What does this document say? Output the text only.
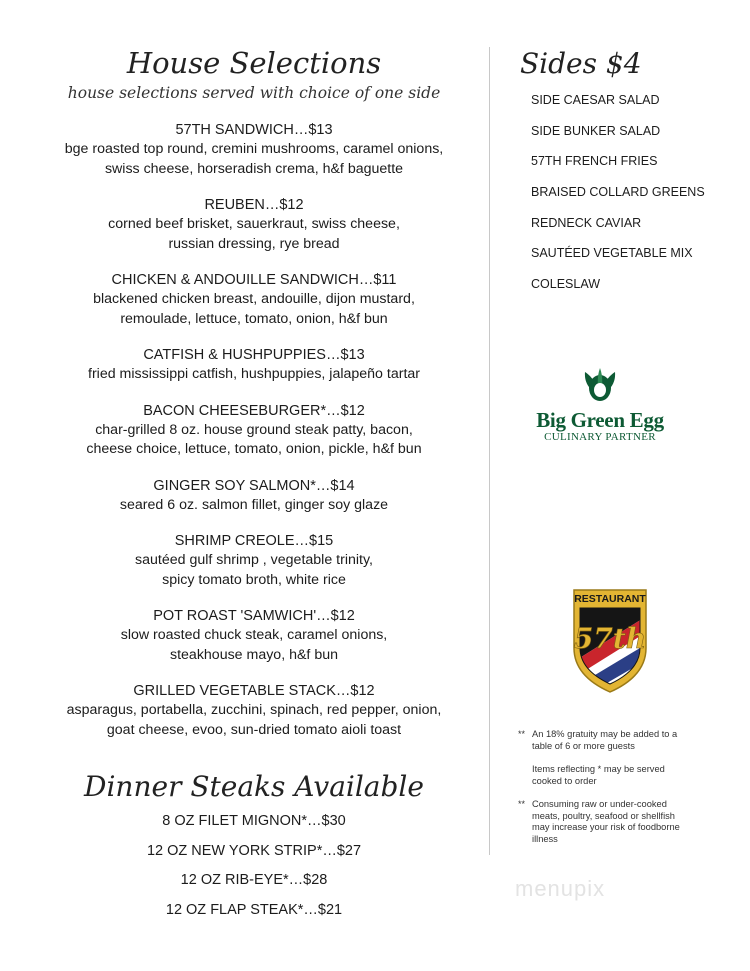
House Selections
house selections served with choice of one side
57TH SANDWICH…$13
bge roasted top round, cremini mushrooms, caramel onions,
swiss cheese, horseradish crema, h&f baguette
REUBEN…$12
corned beef brisket, sauerkraut, swiss cheese,
russian dressing, rye bread
CHICKEN & ANDOUILLE SANDWICH…$11
blackened chicken breast, andouille, dijon mustard,
remoulade, lettuce, tomato, onion, h&f bun
CATFISH & HUSHPUPPIES…$13
fried mississippi catfish, hushpuppies, jalapeño tartar
BACON CHEESEBURGER*…$12
char-grilled 8 oz. house ground steak patty, bacon,
cheese choice, lettuce, tomato, onion, pickle, h&f bun
GINGER SOY SALMON*…$14
seared 6 oz. salmon fillet, ginger soy glaze
SHRIMP CREOLE…$15
sautéed gulf shrimp , vegetable trinity,
spicy tomato broth, white rice
POT ROAST 'SAMWICH'…$12
slow roasted chuck steak, caramel onions,
steakhouse mayo, h&f bun
GRILLED VEGETABLE STACK…$12
asparagus, portabella, zucchini, spinach, red pepper, onion,
goat cheese, evoo, sun-dried tomato aioli toast
Sides $4
SIDE CAESAR SALAD
SIDE BUNKER SALAD
57TH FRENCH FRIES
BRAISED COLLARD GREENS
REDNECK CAVIAR
SAUTÉED VEGETABLE MIX
COLESLAW
Big Green Egg
CULINARY PARTNER
RESTAURANT
57th
** An 18% gratuity may be added to a table of 6 or more guests
Items reflecting * may be served cooked to order
** Consuming raw or under-cooked meats, poultry, seafood or shellfish may increase your risk of foodborne illness
Dinner Steaks Available
8 OZ FILET MIGNON*…$30
12 OZ NEW YORK STRIP*…$27
12 OZ RIB-EYE*…$28
12 OZ FLAP STEAK*…$21
menupix
